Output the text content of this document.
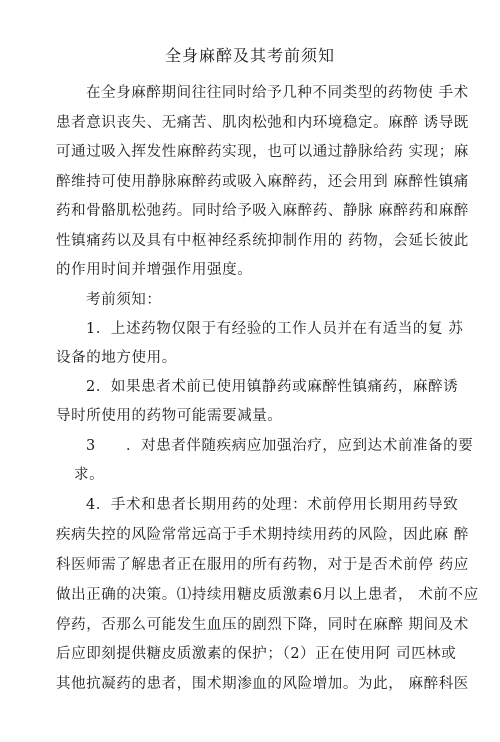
全身麻醉及其考前须知
在全身麻醉期间往往同时给予几种不同类型的药物使 手术
患者意识丧失、无痛苦、肌肉松弛和内环境稳定。麻醉 诱导既
可通过吸入挥发性麻醉药实现，也可以通过静脉给药 实现；麻
醉维持可使用静脉麻醉药或吸入麻醉药，还会用到 麻醉性镇痛
药和骨骼肌松弛药。同时给予吸入麻醉药、静脉 麻醉药和麻醉
性镇痛药以及具有中枢神经系统抑制作用的 药物，会延长彼此
的作用时间并增强作用强度。
考前须知：
1．上述药物仅限于有经验的工作人员并在有适当的复 苏
设备的地方使用。
2．如果患者术前已使用镇静药或麻醉性镇痛药，麻醉诱
导时所使用的药物可能需要减量。
3　　．对患者伴随疾病应加强治疗，应到达术前准备的要
求。
4．手术和患者长期用药的处理：术前停用长期用药导致
疾病失控的风险常常远高于手术期持续用药的风险，因此麻 醉
科医师需了解患者正在服用的所有药物，对于是否术前停 药应
做出正确的决策。⑴持续用糖皮质激素6月以上患者， 术前不应
停药，否那么可能发生血压的剧烈下降，同时在麻醉 期间及术
后应即刻提供糖皮质激素的保护；（2）正在使用阿 司匹林或
其他抗凝药的患者，围术期渗血的风险增加。为此， 麻醉科医
